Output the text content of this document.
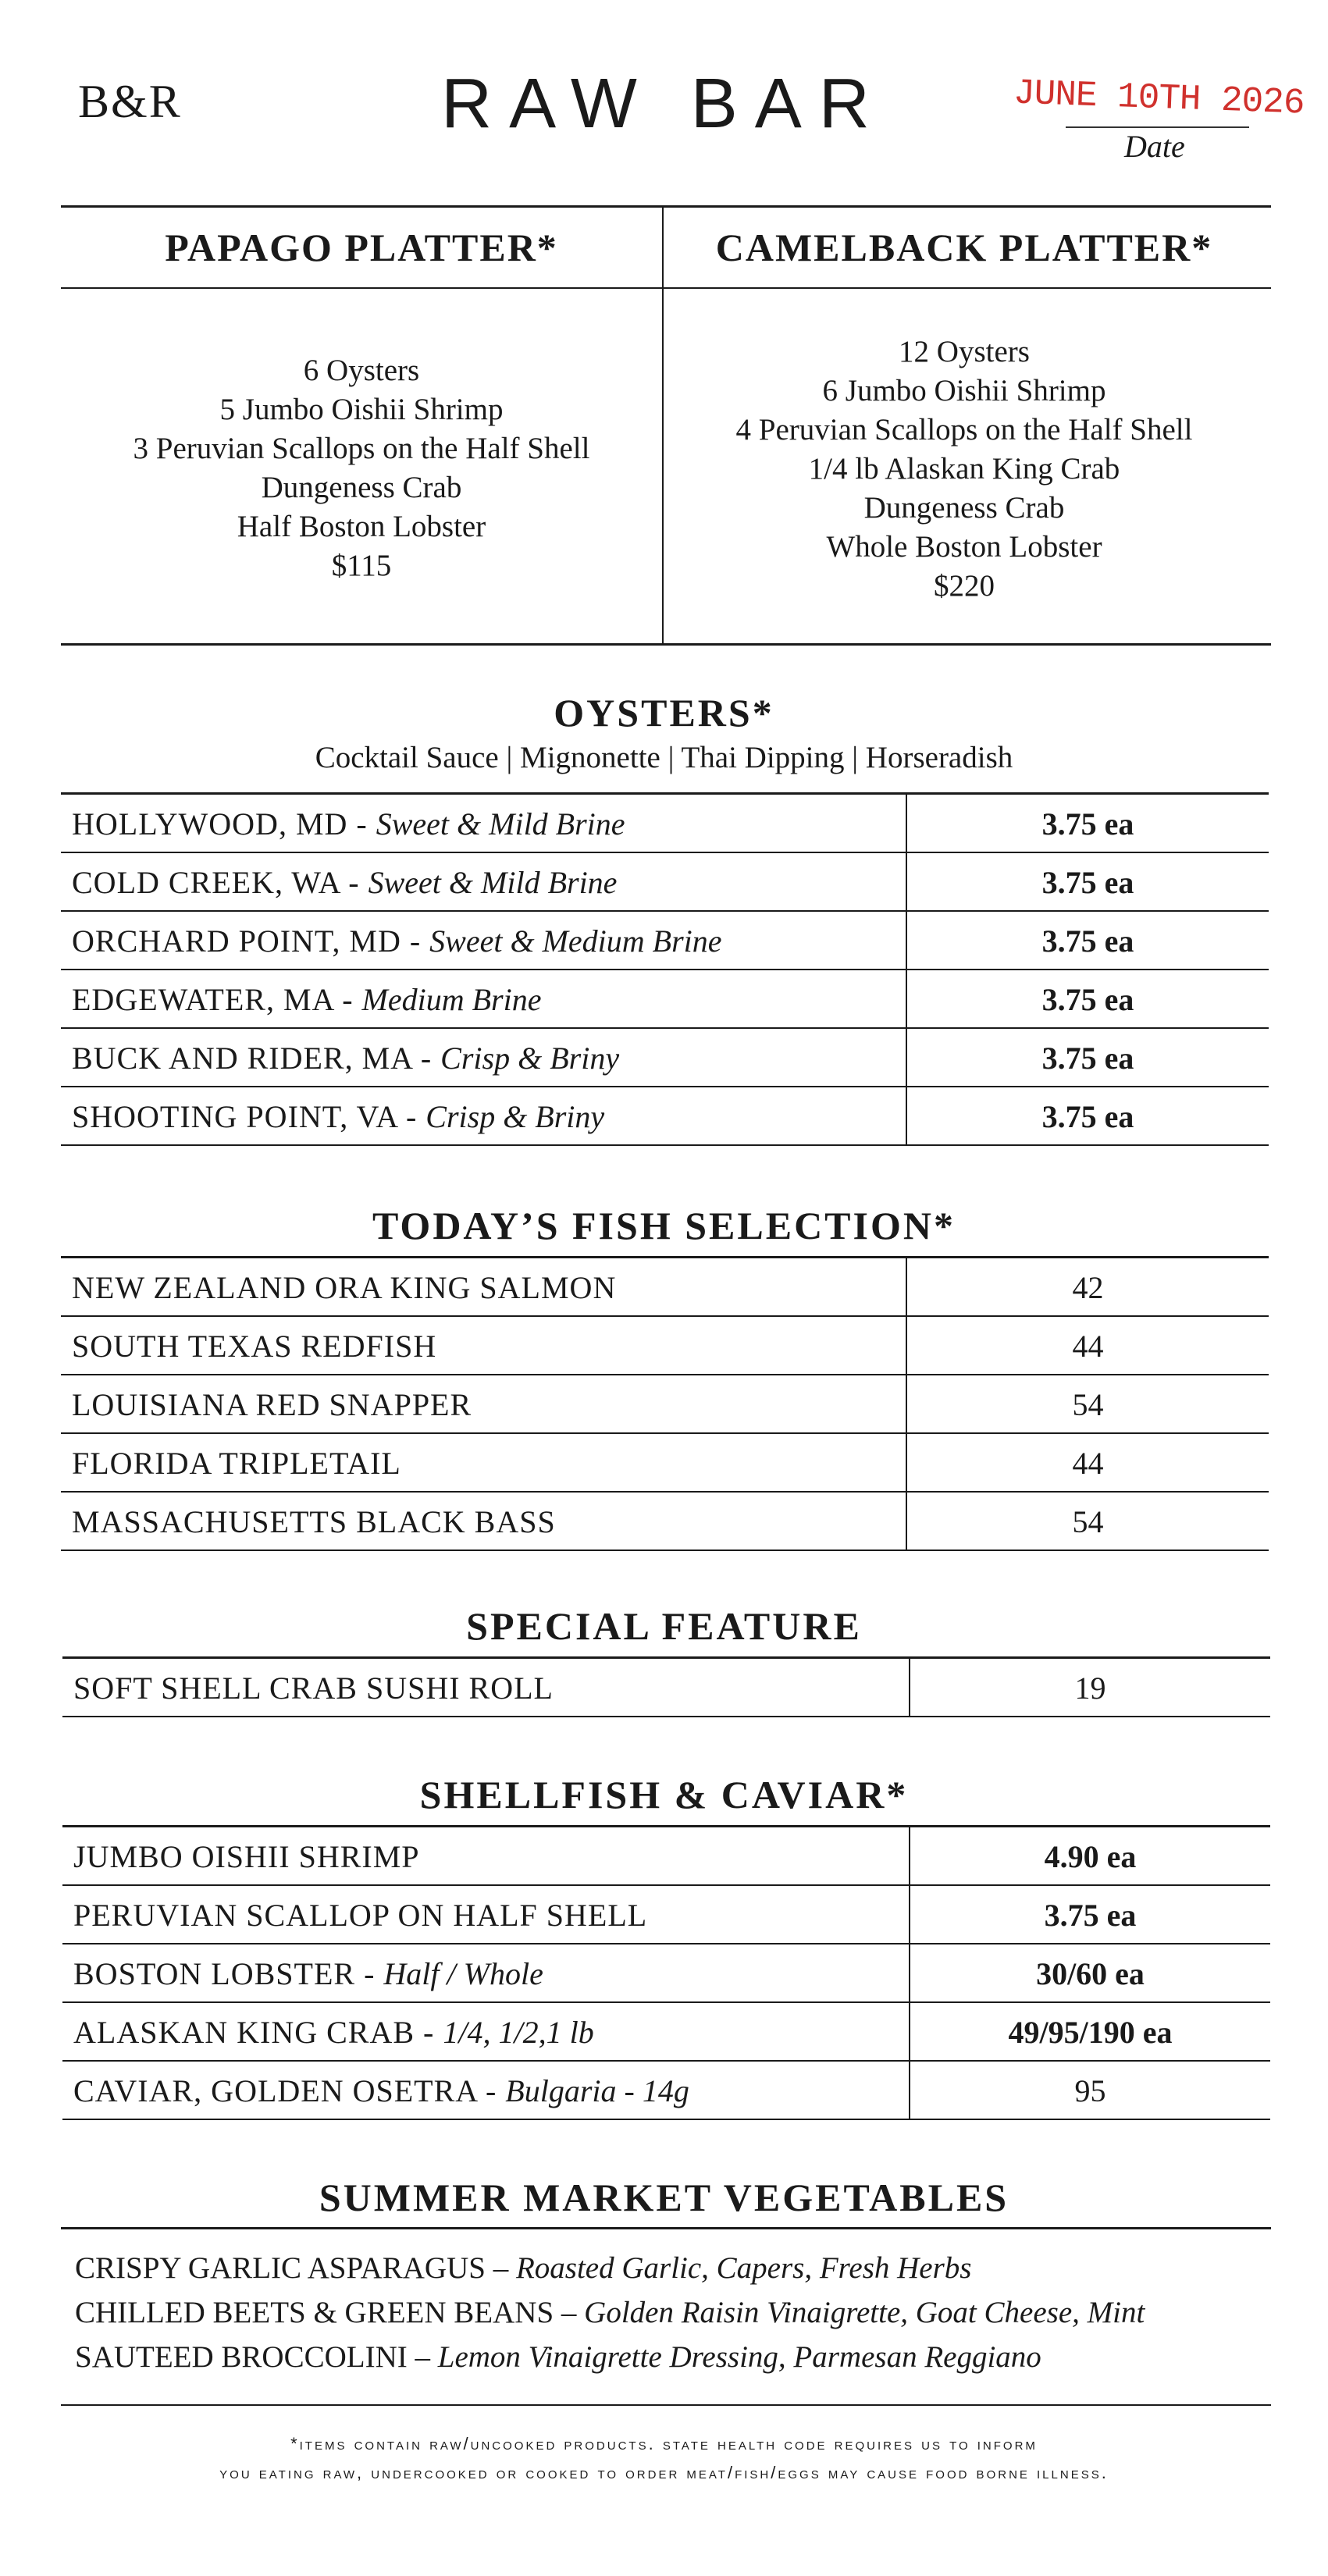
B&R	RAW BAR	JUNE 10TH 2026
Date
PAPAGO PLATTER*	CAMELBACK PLATTER*
6 Oysters
5 Jumbo Oishii Shrimp
3 Peruvian Scallops on the Half Shell
Dungeness Crab
Half Boston Lobster
$115
12 Oysters
6 Jumbo Oishii Shrimp
4 Peruvian Scallops on the Half Shell
1/4 lb Alaskan King Crab
Dungeness Crab
Whole Boston Lobster
$220
OYSTERS*
Cocktail Sauce | Mignonette | Thai Dipping | Horseradish
HOLLYWOOD, MD - Sweet & Mild Brine	3.75 ea
COLD CREEK, WA - Sweet & Mild Brine	3.75 ea
ORCHARD POINT, MD - Sweet & Medium Brine	3.75 ea
EDGEWATER, MA - Medium Brine	3.75 ea
BUCK AND RIDER, MA - Crisp & Briny	3.75 ea
SHOOTING POINT, VA - Crisp & Briny	3.75 ea
TODAY’S FISH SELECTION*
NEW ZEALAND ORA KING SALMON	42
SOUTH TEXAS REDFISH	44
LOUISIANA RED SNAPPER	54
FLORIDA TRIPLETAIL	44
MASSACHUSETTS BLACK BASS	54
SPECIAL FEATURE
SOFT SHELL CRAB SUSHI ROLL	19
SHELLFISH & CAVIAR*
JUMBO OISHII SHRIMP	4.90 ea
PERUVIAN SCALLOP ON HALF SHELL	3.75 ea
BOSTON LOBSTER - Half / Whole	30/60 ea
ALASKAN KING CRAB - 1/4, 1/2,1 lb	49/95/190 ea
CAVIAR, GOLDEN OSETRA - Bulgaria - 14g	95
SUMMER MARKET VEGETABLES
CRISPY GARLIC ASPARAGUS – Roasted Garlic, Capers, Fresh Herbs
CHILLED BEETS & GREEN BEANS – Golden Raisin Vinaigrette, Goat Cheese, Mint
SAUTEED BROCCOLINI – Lemon Vinaigrette Dressing, Parmesan Reggiano
*items contain raw/uncooked products. state health code requires us to inform
you eating raw, undercooked or cooked to order meat/fish/eggs may cause food borne illness.
